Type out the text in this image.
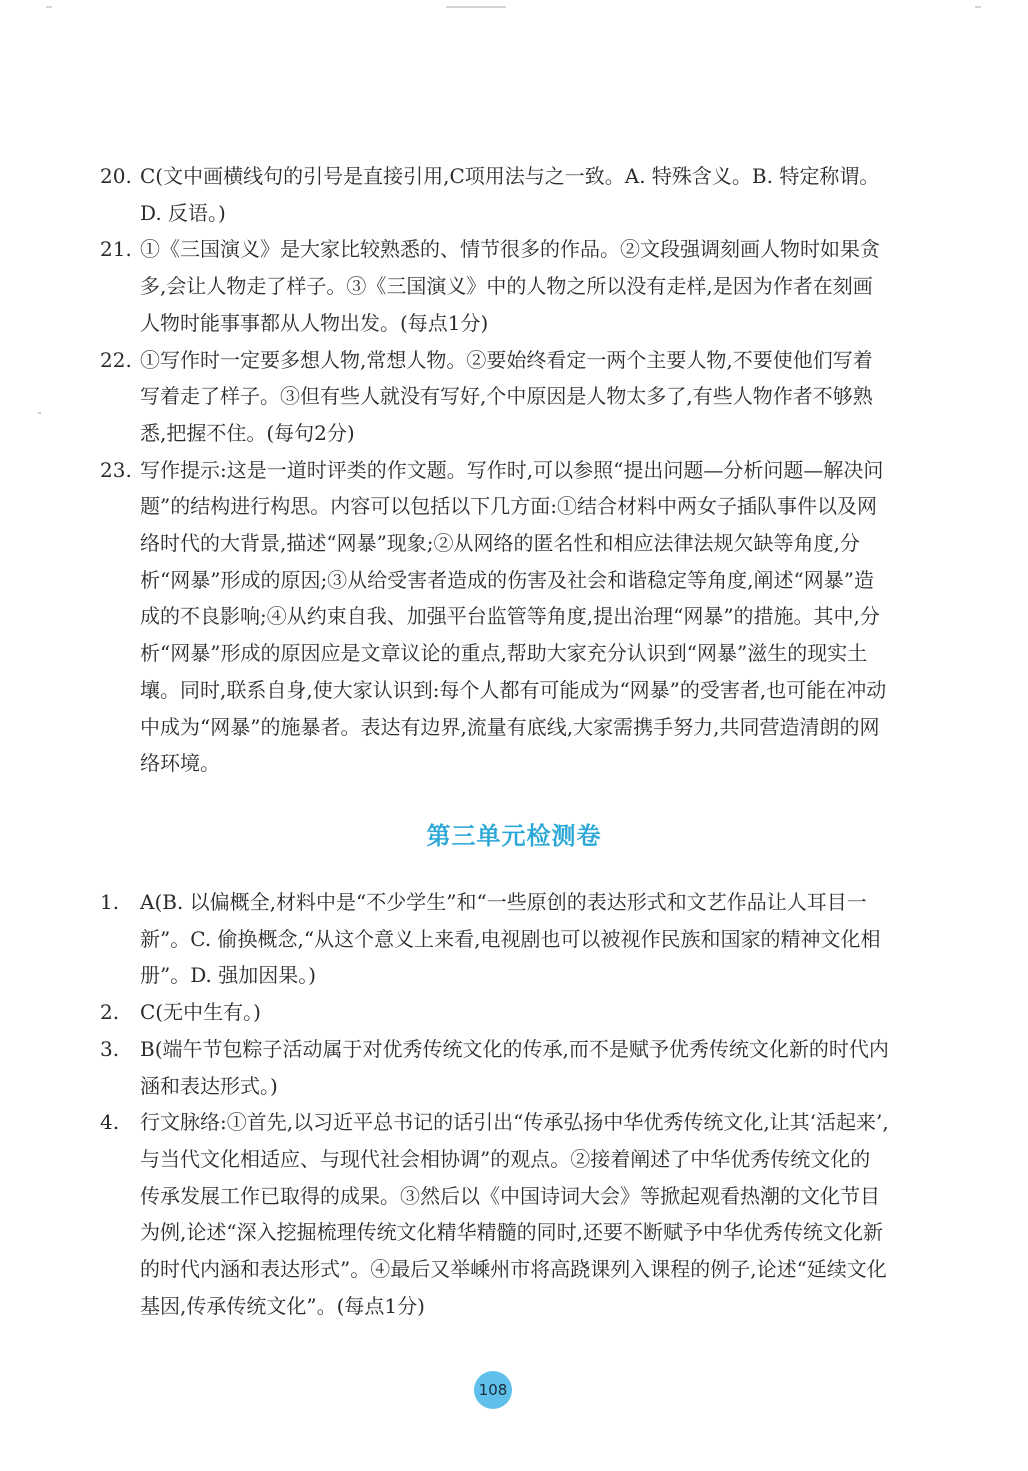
20. C(文中画横线句的引号是直接引用,C项用法与之一致。A. 特殊含义。B. 特定称谓。D. 反语。)
21. ①《三国演义》是大家比较熟悉的、情节很多的作品。②文段强调刻画人物时如果贪多,会让人物走了样子。③《三国演义》中的人物之所以没有走样,是因为作者在刻画人物时能事事都从人物出发。(每点1分)
22. ①写作时一定要多想人物,常想人物。②要始终看定一两个主要人物,不要使他们写着写着走了样子。③但有些人就没有写好,个中原因是人物太多了,有些人物作者不够熟悉,把握不住。(每句2分)
23. 写作提示:这是一道时评类的作文题。写作时,可以参照“提出问题—分析问题—解决问题”的结构进行构思。内容可以包括以下几方面:①结合材料中两女子插队事件以及网络时代的大背景,描述“网暴”现象;②从网络的匿名性和相应法律法规欠缺等角度,分析“网暴”形成的原因;③从给受害者造成的伤害及社会和谐稳定等角度,阐述“网暴”造成的不良影响;④从约束自我、加强平台监管等角度,提出治理“网暴”的措施。其中,分析“网暴”形成的原因应是文章议论的重点,帮助大家充分认识到“网暴”滋生的现实土壤。同时,联系自身,使大家认识到:每个人都有可能成为“网暴”的受害者,也可能在冲动中成为“网暴”的施暴者。表达有边界,流量有底线,大家需携手努力,共同营造清朗的网络环境。
第三单元检测卷
1. A(B. 以偏概全,材料中是“不少学生”和“一些原创的表达形式和文艺作品让人耳目一新”。C. 偷换概念,“从这个意义上来看,电视剧也可以被视作民族和国家的精神文化相册”。D. 强加因果。)
2. C(无中生有。)
3. B(端午节包粽子活动属于对优秀传统文化的传承,而不是赋予优秀传统文化新的时代内涵和表达形式。)
4. 行文脉络:①首先,以习近平总书记的话引出“传承弘扬中华优秀传统文化,让其‘活起来’,与当代文化相适应、与现代社会相协调”的观点。②接着阐述了中华优秀传统文化的传承发展工作已取得的成果。③然后以《中国诗词大会》等掀起观看热潮的文化节目为例,论述“深入挖掘梳理传统文化精华精髓的同时,还要不断赋予中华优秀传统文化新的时代内涵和表达形式”。④最后又举嵊州市将高跷课列入课程的例子,论述“延续文化基因,传承传统文化”。(每点1分)
108
